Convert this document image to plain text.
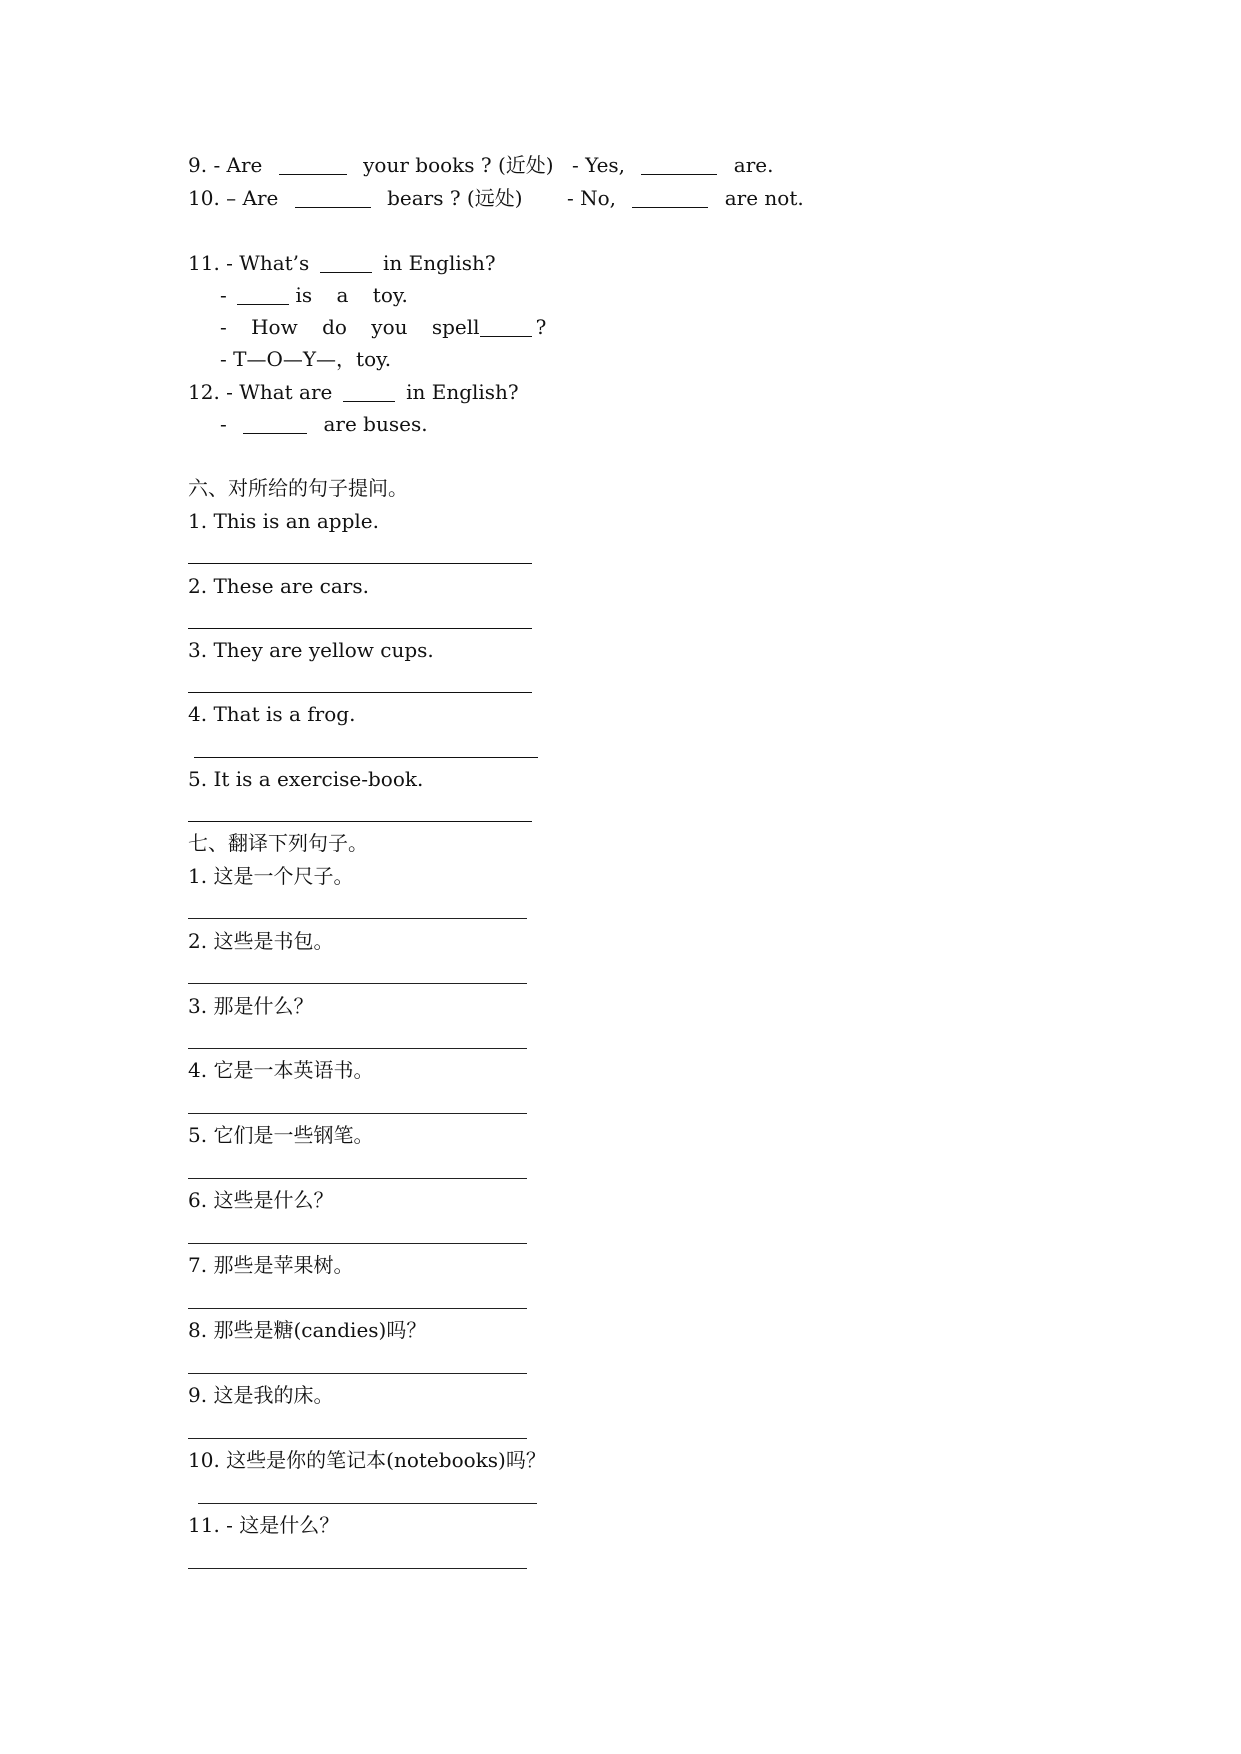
9. - Are	your books ? (近处) - Yes,	are.
10. – Are	bears ? (远处) - No,	are not.
11. - What’s	in English?
-	is a toy.
- How do you spell	?
- T—O—Y—，toy.
12. - What are	in English?
-	are buses.
六、对所给的句子提问。
1. This is an apple.
2. These are cars.
3. They are yellow cups.
4. That is a frog.
5. It is a exercise-book.
七、翻译下列句子。
1. 这是一个尺子。
2. 这些是书包。
3. 那是什么？
4. 它是一本英语书。
5. 它们是一些钢笔。
6. 这些是什么？
7. 那些是苹果树。
8. 那些是糖(candies)吗？
9. 这是我的床。
10. 这些是你的笔记本(notebooks)吗？
11. - 这是什么？
